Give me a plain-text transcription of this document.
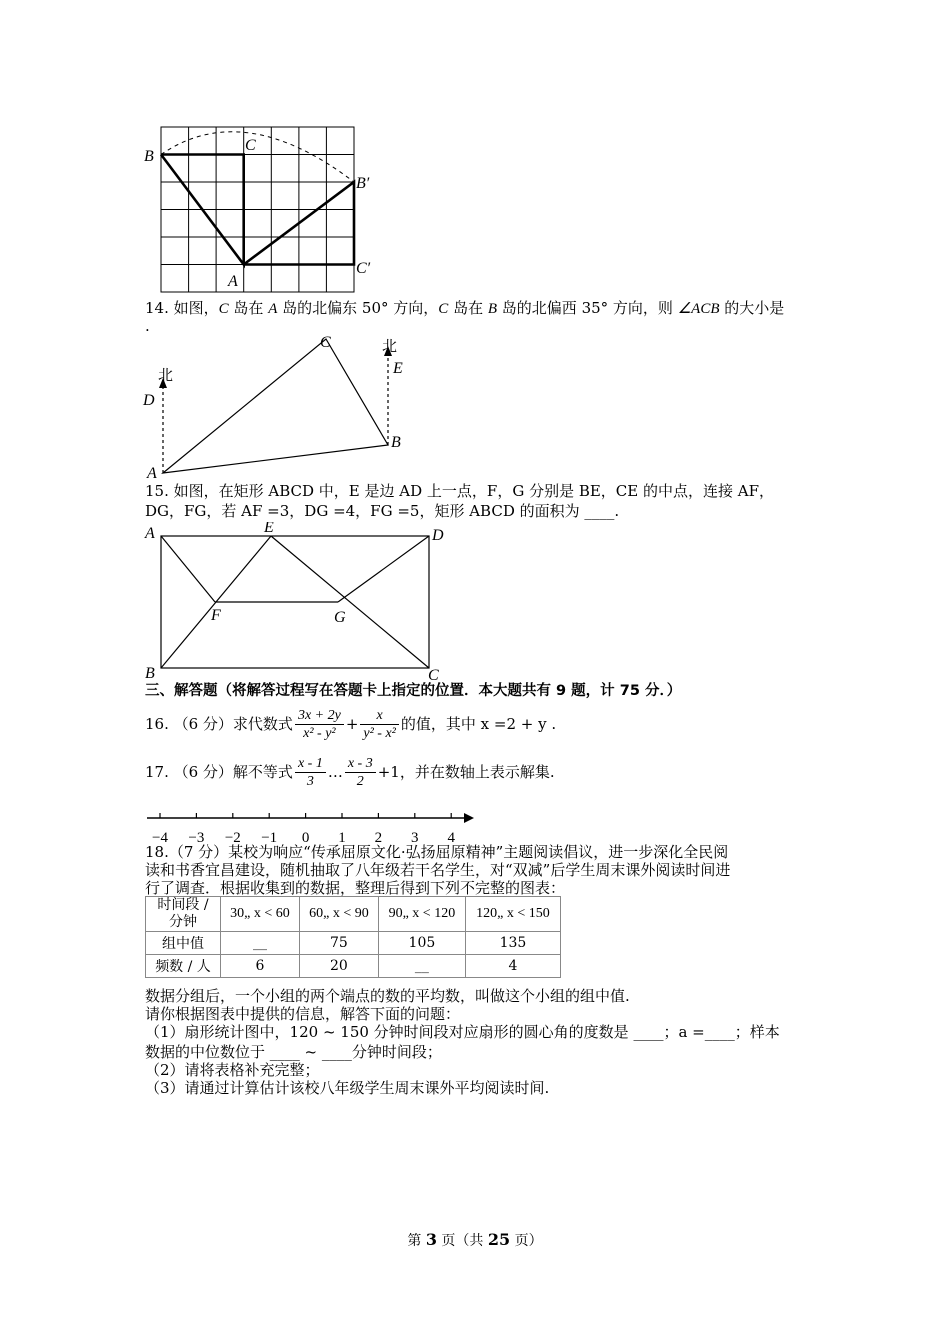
B
C
B′
A
C′
14. 如图，C 岛在 A 岛的北偏东 50° 方向，C 岛在 B 岛的北偏西 35° 方向，则 ∠ACB 的大小是
.
北
D
C	北
E
B
A
15. 如图，在矩形 ABCD 中，E 是边 AD 上一点，F，G 分别是 BE，CE 的中点，连接 AF，
DG，FG，若 AF =3，DG =4，FG =5，矩形 ABCD 的面积为 ____.
A	E	D
F	G
B	C
三、解答题（将解答过程写在答题卡上指定的位置．本大题共有 9 题，计 75 分．）
16. （6 分）求代数式 $\frac{3x + 2y}{\text{x² - y²}} + \frac{x}{\text{y² - x²}}$ 的值，其中 x =2 + y .
17. （6 分）解不等式 $\frac{x - 1}{3}$ … $\frac{x - 3}{2} +1$，并在数轴上表示解集.
−4 −3 −2 −1 0 1 2 3 4
18.（7 分）某校为响应“传承屈原文化·弘扬屈原精神”主题阅读倡议，进一步深化全民阅
读和书香宜昌建设，随机抽取了八年级若干名学生，对“双减”后学生周末课外阅读时间进
行了调查．根据收集到的数据，整理后得到下列不完整的图表：
时间段 /
分钟	30„ x < 60	60„ x < 90	90„ x < 120	120„ x < 150
组中值	__	75	105	135
频数 / 人	6	20	__	4
数据分组后，一个小组的两个端点的数的平均数，叫做这个小组的组中值.
请你根据图表中提供的信息，解答下面的问题：
（1）扇形统计图中，120 ~ 150 分钟时间段对应扇形的圆心角的度数是 ____；a =____；样本
数据的中位数位于 ____ ~ ____分钟时间段；
（2）请将表格补充完整；
（3）请通过计算估计该校八年级学生周末课外平均阅读时间.
第 3 页（共 25 页）
